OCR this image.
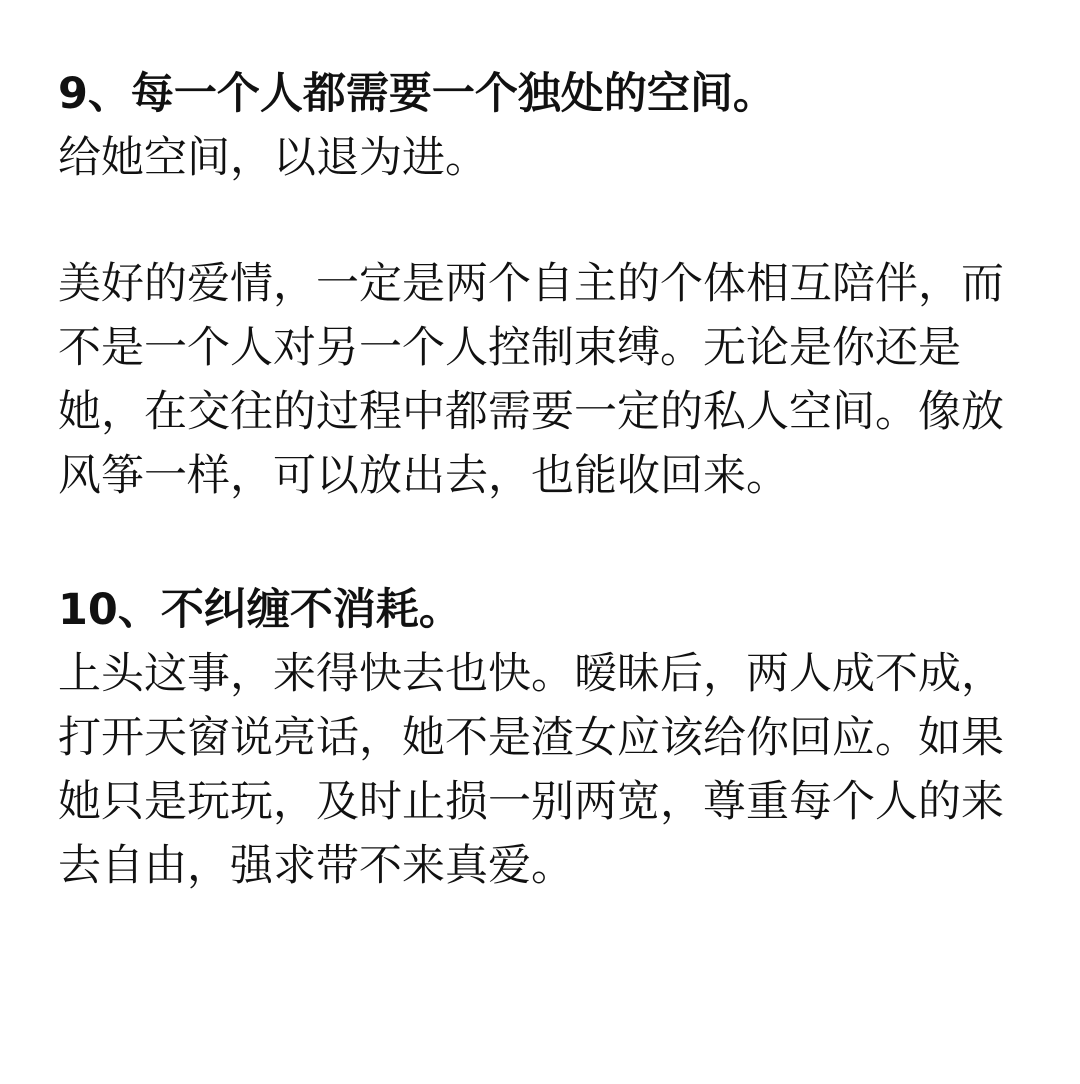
9、每一个人都需要一个独处的空间。
给她空间，以退为进。
美好的爱情，一定是两个自主的个体相互陪伴，而
不是一个人对另一个人控制束缚。无论是你还是
她，在交往的过程中都需要一定的私人空间。像放
风筝一样，可以放出去，也能收回来。
10、不纠缠不消耗。
上头这事，来得快去也快。暧昧后，两人成不成，
打开天窗说亮话，她不是渣女应该给你回应。如果
她只是玩玩，及时止损一别两宽，尊重每个人的来
去自由，强求带不来真爱。
